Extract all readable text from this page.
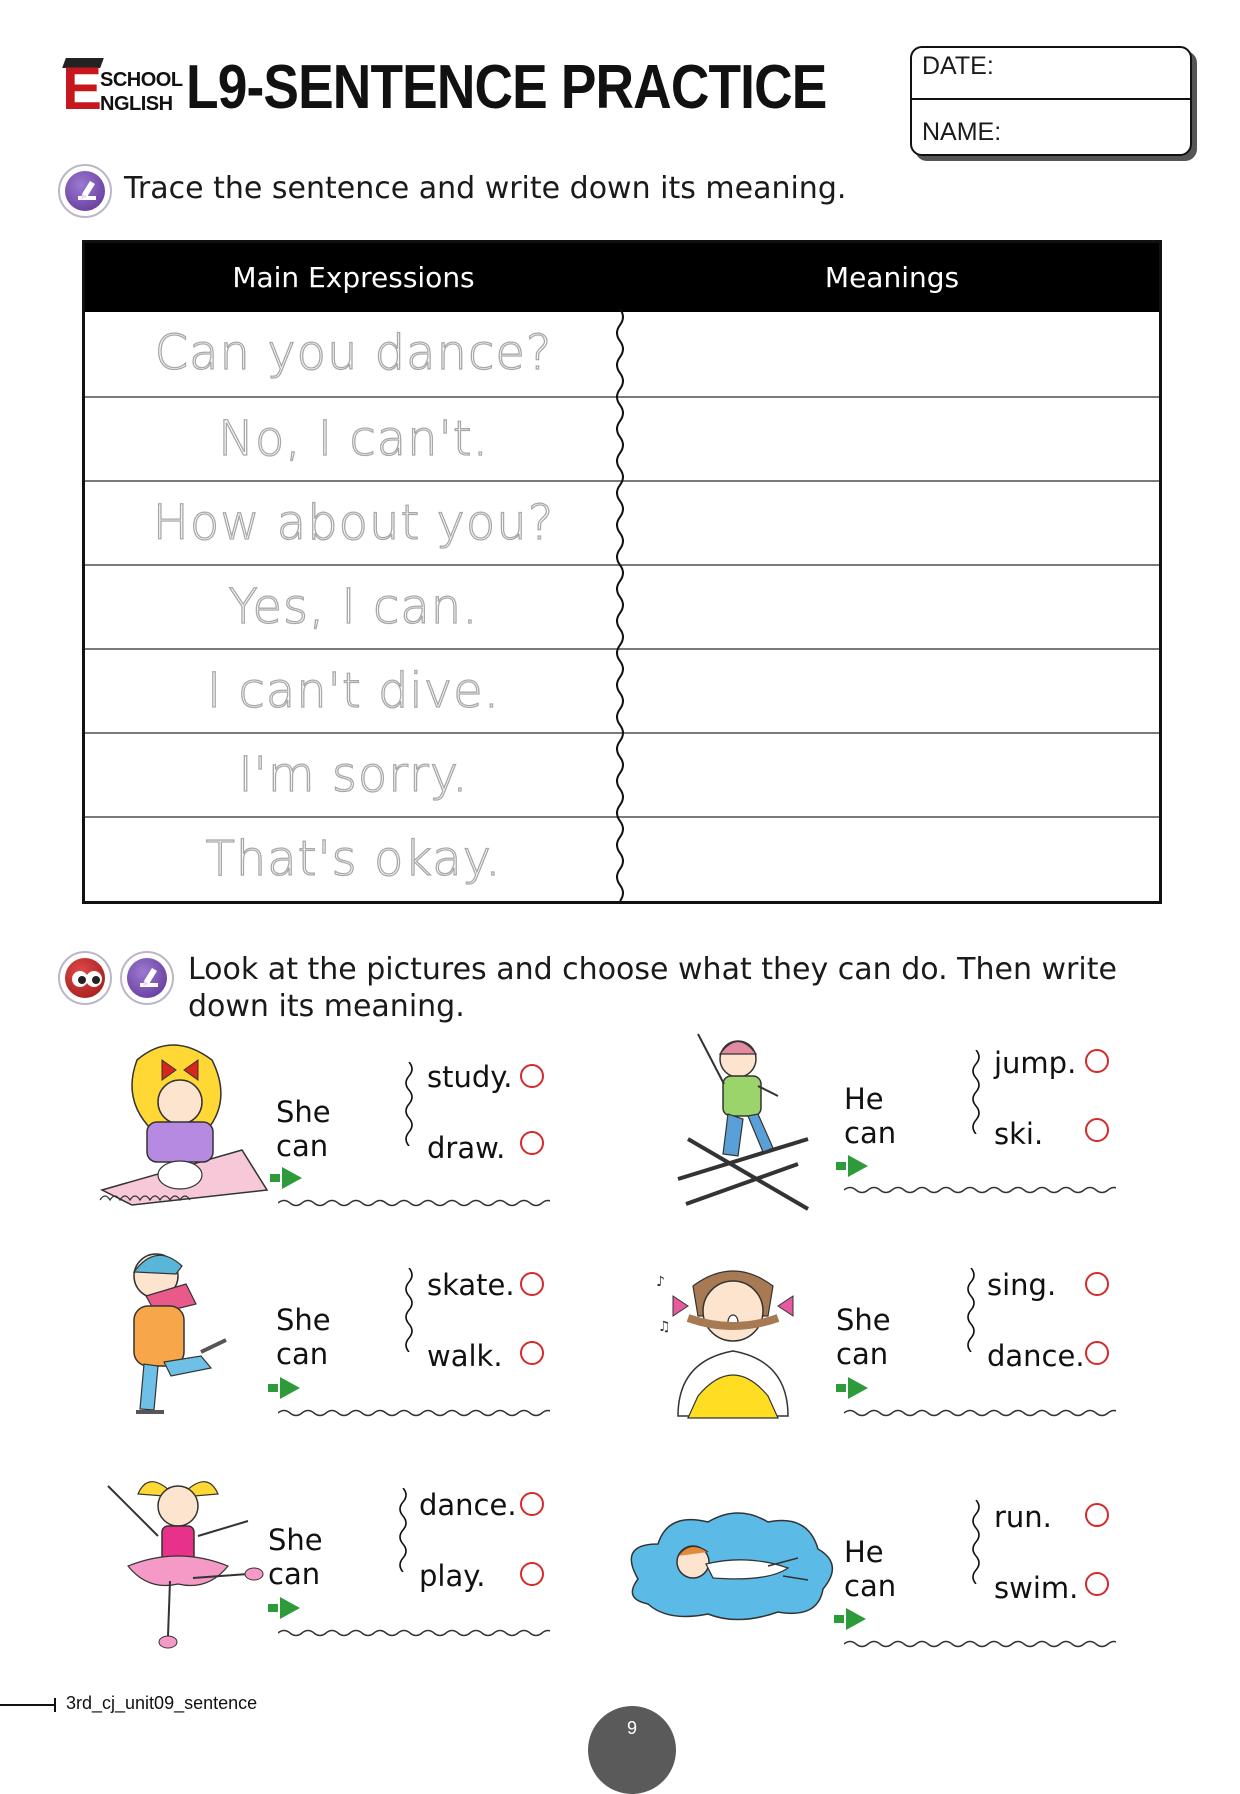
E
SCHOOL
NGLISH L9-SENTENCE PRACTICE	DATE:
NAME:
Trace the sentence and write down its meaning.
Main Expressions	Meanings
Can you dance?
No, I can't.
How about you?
Yes, I can.
I can't dive.
I'm sorry.
That's okay.
Look at the pictures and choose what they can do. Then write
down its meaning.
She can
study.
draw.
He can
jump.
ski.
She can
skate.
walk.
♪
♫	She can
sing.
dance.
She can
dance.
play.
He can
run.
swim.
3rd_cj_unit09_sentence
9
